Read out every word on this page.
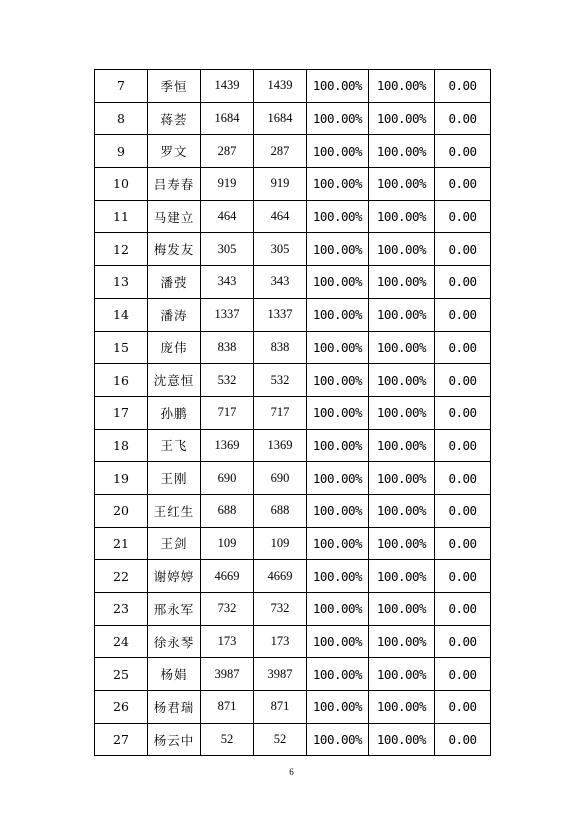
7	季恒	1439	1439	100.00%	100.00%	0.00
8	蒋荟	1684	1684	100.00%	100.00%	0.00
9	罗文	287	287	100.00%	100.00%	0.00
10	吕寿春	919	919	100.00%	100.00%	0.00
11	马建立	464	464	100.00%	100.00%	0.00
12	梅发友	305	305	100.00%	100.00%	0.00
13	潘弢	343	343	100.00%	100.00%	0.00
14	潘涛	1337	1337	100.00%	100.00%	0.00
15	庞伟	838	838	100.00%	100.00%	0.00
16	沈意恒	532	532	100.00%	100.00%	0.00
17	孙鹏	717	717	100.00%	100.00%	0.00
18	王飞	1369	1369	100.00%	100.00%	0.00
19	王刚	690	690	100.00%	100.00%	0.00
20	王红生	688	688	100.00%	100.00%	0.00
21	王剑	109	109	100.00%	100.00%	0.00
22	谢婷婷	4669	4669	100.00%	100.00%	0.00
23	邢永军	732	732	100.00%	100.00%	0.00
24	徐永琴	173	173	100.00%	100.00%	0.00
25	杨娟	3987	3987	100.00%	100.00%	0.00
26	杨君瑞	871	871	100.00%	100.00%	0.00
27	杨云中	52	52	100.00%	100.00%	0.00
6
